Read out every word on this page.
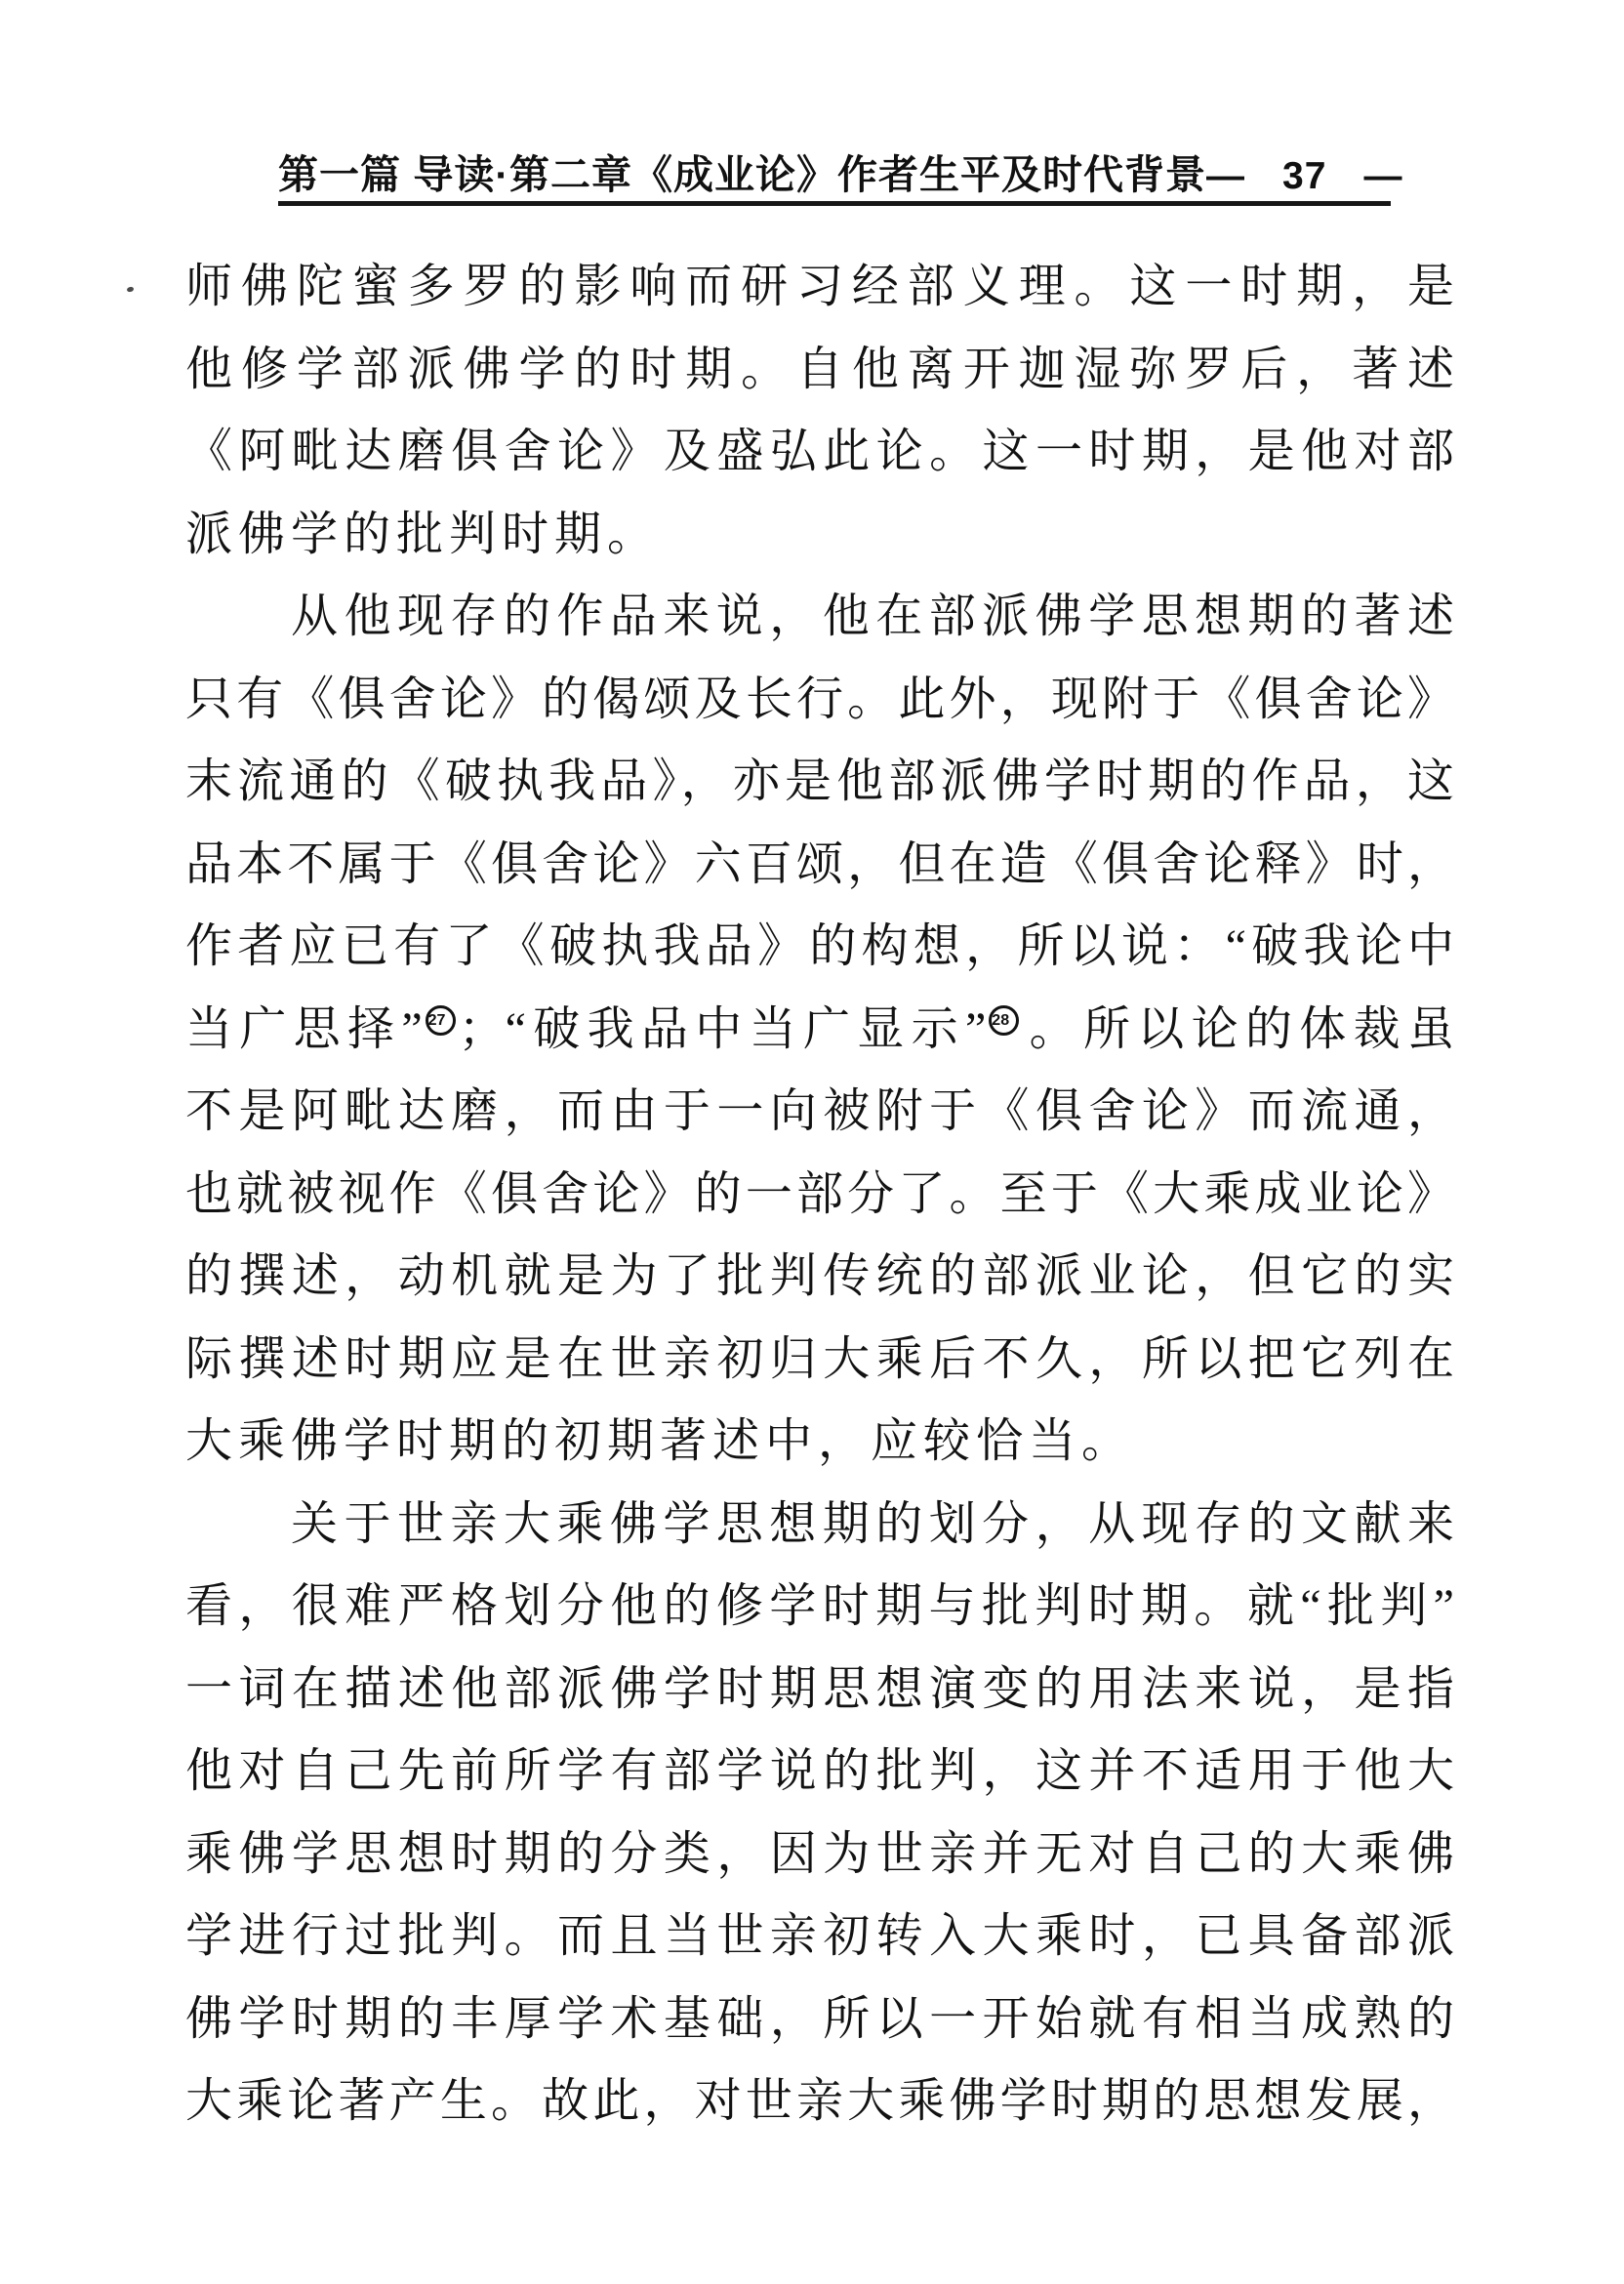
第一篇 导读·第二章《成业论》作者生平及时代背景 — 37 —
师佛陀蜜多罗的影响而研习经部义理。这一时期，是
他修学部派佛学的时期。自他离开迦湿弥罗后，著述
《阿毗达磨俱舍论》及盛弘此论。这一时期，是他对部
派佛学的批判时期。
从他现存的作品来说，他在部派佛学思想期的著述
只有《俱舍论》的偈颂及长行。此外，现附于《俱舍论》
末流通的《破执我品》，亦是他部派佛学时期的作品，这
品本不属于《俱舍论》六百颂，但在造《俱舍论释》时，
作者应已有了《破执我品》的构想，所以说：“破我论中
当广思择” 27 ；“破我品中当广显示” 28 。所以论的体裁虽
不是阿毗达磨，而由于一向被附于《俱舍论》而流通，
也就被视作《俱舍论》的一部分了。至于《大乘成业论》
的撰述，动机就是为了批判传统的部派业论，但它的实
际撰述时期应是在世亲初归大乘后不久，所以把它列在
大乘佛学时期的初期著述中，应较恰当。
关于世亲大乘佛学思想期的划分，从现存的文献来
看，很难严格划分他的修学时期与批判时期。就“批判”
一词在描述他部派佛学时期思想演变的用法来说，是指
他对自己先前所学有部学说的批判，这并不适用于他大
乘佛学思想时期的分类，因为世亲并无对自己的大乘佛
学进行过批判。而且当世亲初转入大乘时，已具备部派
佛学时期的丰厚学术基础，所以一开始就有相当成熟的
大乘论著产生。故此，对世亲大乘佛学时期的思想发展，
